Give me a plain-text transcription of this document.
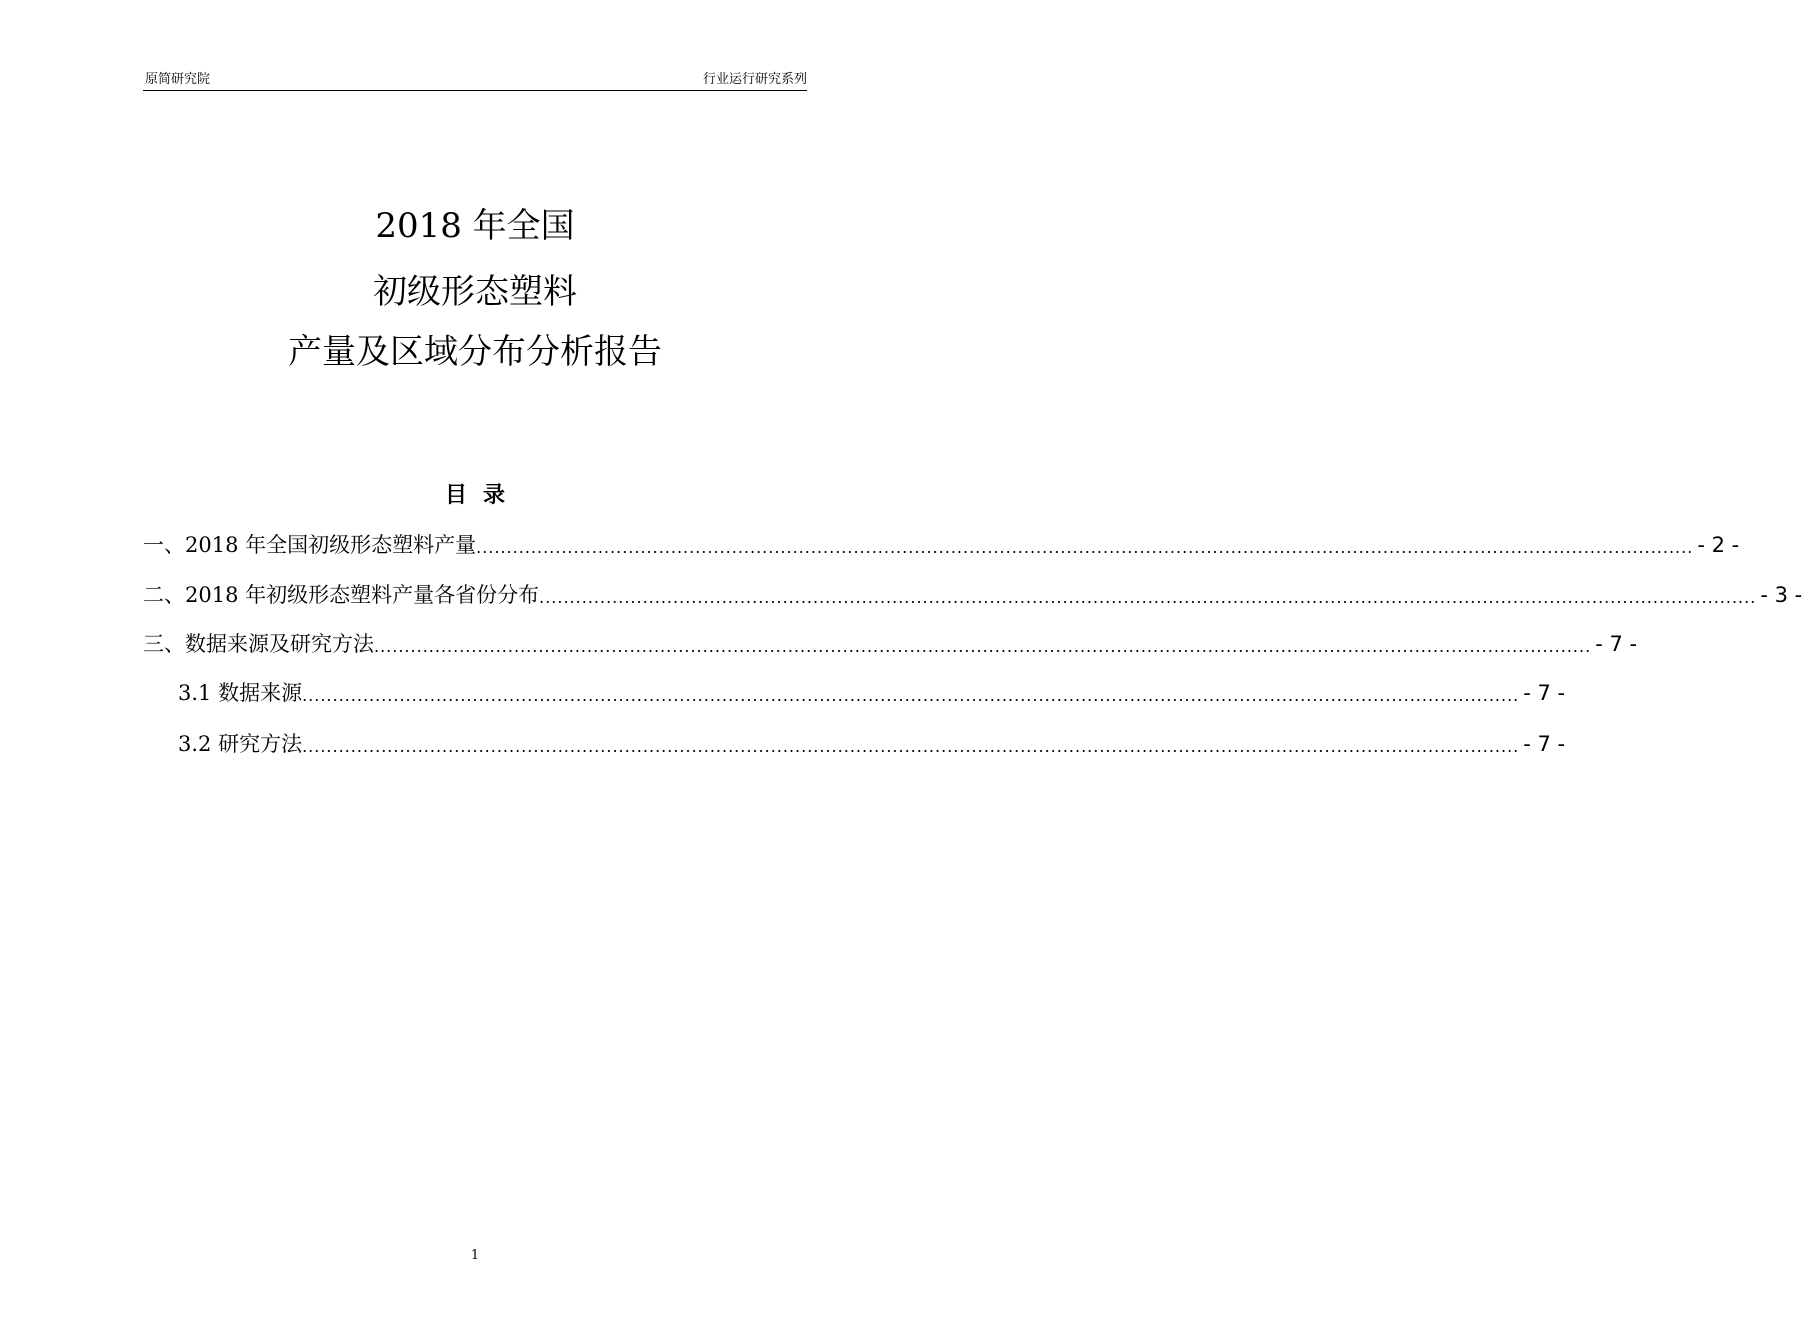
原简研究院	行业运行研究系列
2018 年全国
初级形态塑料
产量及区域分布分析报告
目录
一、2018 年全国初级形态塑料产量 ........................................................................................................................................................................................................ - 2 -
二、2018 年初级形态塑料产量各省份分布 ........................................................................................................................................................................................................ - 3 -
三、数据来源及研究方法 ........................................................................................................................................................................................................ - 7 -
3.1 数据来源 ........................................................................................................................................................................................................ - 7 -
3.2 研究方法 ........................................................................................................................................................................................................ - 7 -
1
